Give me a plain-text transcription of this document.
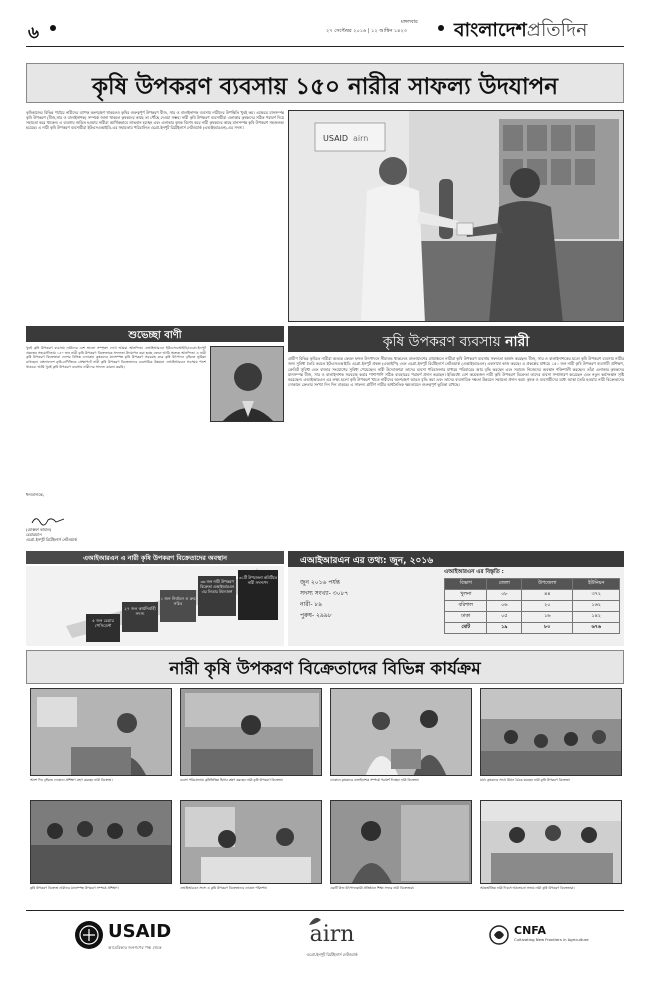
৬	২৭ সেপ্টেম্বর ২০১৬ | ১২ আশ্বিন ১৪২৩
মঙ্গলবার বাংলাদেশপ্রতিদিন
কৃষি উপকরণ ব্যবসায় ১৫০ নারীর সাফল্য উদযাপন
কৃষিকাজের বিভিন্ন পর্যায়ে নারীদের ব্যাপক অংশগ্রহণ থাকলেও কৃষির গুরুত্বপূর্ণ উপকরণ বীজ, সার ও বালাইনাশক ব্যবসায় নারীদের উপস্থিতি খুবই কম। এক্ষেত্রে মানসম্পন্ন কৃষি উপকরণ (বীজ,সার ও বালাইনাশক) সম্পর্কে জানা থাকলে কৃষকদের কাছে তা পৌঁছে দেওয়া সম্ভব। নারী কৃষি উপকরণ ব্যবসায়ীরা এলাকার কৃষকদের সঠিক পরামর্শ দিয়ে সহায়তা করে থাকেন। এ ব্যবসায় জড়িত হওয়ায় নারীরা আর্থিকভাবে লাভবান হচ্ছেন এবং এলাকার কৃষক বিশেষ করে নারী কৃষকদের কাছে মানসম্পন্ন কৃষি উপকরণ সহজলভ্য হয়েছে। এ নারী কৃষি উপকরণ ব্যবসায়ীরা ইউএসএআইডি-এর সহায়তায় পরিচালিত এগ্রো-ইনপুট রিটেইলার্স নেটওয়ার্ক (এআইআরএন)-এর সদস্য।
USAID airn
শুভেচ্ছা বাণী
খুবই কৃষি উপকরণ ব্যবসায় নারীদের বেশ ভালো সম্পৃক্তা দেখে আমরা আনন্দিত। এআইআরএন ইউএসএআইডি/এগ্রো-ইনপুট প্রকল্পের সহযোগিতায় ১৫০ জন নারী কৃষি উপকরণ বিক্রেতাকে সফলতা উদযাপন করা হচ্ছে জেনে আমি অত্যন্ত আনন্দিত। এ নারী কৃষি উপকরণ বিক্রেতারা দেশের বিভিন্ন এলাকায় কৃষকদের মানসম্পন্ন কৃষি উপকরণ সরবরাহ করে কৃষি উৎপাদন বৃদ্ধিতে ভূমিকা রাখছেন। বাংলাদেশে কৃষি-বাণিজ্যিক প্রেক্ষাপটে নারী কৃষি উপকরণ বিক্রেতাদের ব্যবসায়িক উন্নয়নে এআইআরএন সবসময় পাশে থাকবে। আমি খুবই কৃষি উপকরণ ব্যবসায় নারীদের সাফল্য কামনা করছি।
ধন্যবাদান্তে,
(মোস্তফা কামাল)
চেয়ারম্যান
এগ্রো-ইনপুট রিটেইলার্স নেটওয়ার্ক
কৃষি উপকরণ ব্যবসায় নারী
গ্রামীণ বিভিন্ন কৃষিতে নারীরা অত্যন্ত কেবল ফসল উৎপাদনে সীমাবদ্ধ থাকলেও বাংলাদেশের গ্রামাঞ্চলে নারীরা কৃষি উপকরণ ব্যবসায় সফলতা অর্জন করছেন। বীজ, সার ও বালাইনাশকের মতো কৃষি উপকরণ ব্যবসায় নারীর জন্য সুবিধা তৈরি করতে ইউএসএআইডি এগ্রো-ইনপুট প্রকল্প (এআইপি) এবং এগ্রো-ইনপুট রিটেইলার্স নেটওয়ার্ক (এআইআরএন) একসাথে কাজ করছে। এ প্রকল্পের মাধ্যমে ১৫০ জন নারী কৃষি উপকরণ ব্যবসায়ী প্রশিক্ষণ, ক্রেডিট সুবিধা এবং বাজার সংযোগের সুবিধা পেয়েছেন। নারী উদ্যোক্তারা তাদের ব্যবসা পরিচালনার মাধ্যমে পরিবারের আয় বৃদ্ধি করছেন এবং সমাজে নিজেদের অবস্থান শক্তিশালী করছেন। তাঁরা এলাকার কৃষকদের মানসম্পন্ন বীজ, সার ও বালাইনাশক সরবরাহ করার পাশাপাশি সঠিক ব্যবহারের পরামর্শ প্রদান করছেন। ইতিমধ্যে বেশ কয়েকজন নারী কৃষি উপকরণ বিক্রেতা তাদের ব্যবসা সম্প্রসারণ করেছেন এবং নতুন কর্মসংস্থান সৃষ্টি করেছেন। এআইআরএন এর লক্ষ্য হলো কৃষি উপকরণ খাতে নারীদের অংশগ্রহণ আরও বৃদ্ধি করা এবং তাদের ব্যবসায়িক দক্ষতা উন্নয়নে সহায়তা প্রদান করা। কৃষক ও ব্যবসায়ীদের মধ্যে আস্থা তৈরি হওয়ায় নারী বিক্রেতাদের দোকানে ক্রেতার সংখ্যা দিন দিন বাড়ছে। এ সাফল্য গ্রামীণ নারীর অর্থনৈতিক ক্ষমতায়নে গুরুত্বপূর্ণ ভূমিকা রাখছে।
এআইআরএন এ নারী কৃষি উপকরণ বিক্রেতাদের অবস্থান
৫ জন চেয়ার পেসিডেন্ট
২৭ জন কার্যনির্বাহী সদস্য
১ জন নির্বাচন ও ক্রয় সচিব
৩৬ জন নারী উপকরণ বিক্রেতা এআইআরএন এর লিডার উদ্যোক্তা
৩১টি উপজেলা কমিটিতে নারী সদস্যপদ
এআইআরএন এর তথ্য: জুন, ২০১৬
জুন ২০১৬ পর্যন্ত
সদস্য সংখ্যা- ৩০৮৭
নারী- ৮৯
পুরুষ- ২৯৯৮
এআইআরএন এর বিস্তৃতি :
বিভাগ	জেলা	উপজেলা	ইউনিয়ন
খুলনা	০৮	৪৪	৩৭২
বরিশাল	০৬	২০	১৬২
ঢাকা	০৫	১৬	১৪২
মোট	১৯	৮০	৬৭৬
নারী কৃষি উপকরণ বিক্রেতাদের বিভিন্ন কার্যক্রম
আশে দিন বৃদ্ধিতে দোকানে প্রশিক্ষণ গ্রহণ করছেন নারী বিক্রেতা।	ব্যবসা পরিচালনায় কৃষিভিত্তিক হিসাব রক্ষণ করছেন নারী কৃষি উপকরণ বিক্রেতা।	দোকানে কৃষকদের বালাইনাশক সম্পর্কে পরামর্শ দিচ্ছেন নারী বিক্রেতা।	মাঠে কৃষকদের সাথে উঠান বৈঠক করছেন নারী কৃষি উপকরণ বিক্রেতা।
কৃষি উপকরণ বিক্রেতা নারীদের মানসম্পন্ন উপকরণ সম্পর্কে প্রশিক্ষণ।	এআইআরএন সদস্য ও কৃষি উপকরণ বিক্রেতাদের দোকান পরিদর্শন।	একটি বীজ উৎপাদনকারী প্রতিষ্ঠানে শিক্ষা সফরে নারী বিক্রেতারা।	আন্তর্জাতিক নারী দিবসে আলোচনা সভায় নারী কৃষি উপকরণ বিক্রেতারা।
USAID
আমেরিকার জনগণের পক্ষ থেকে
airn
এগ্রো-ইনপুট রিটেইলার্স নেটওয়ার্ক
CNFA
Cultivating New Frontiers in Agriculture
